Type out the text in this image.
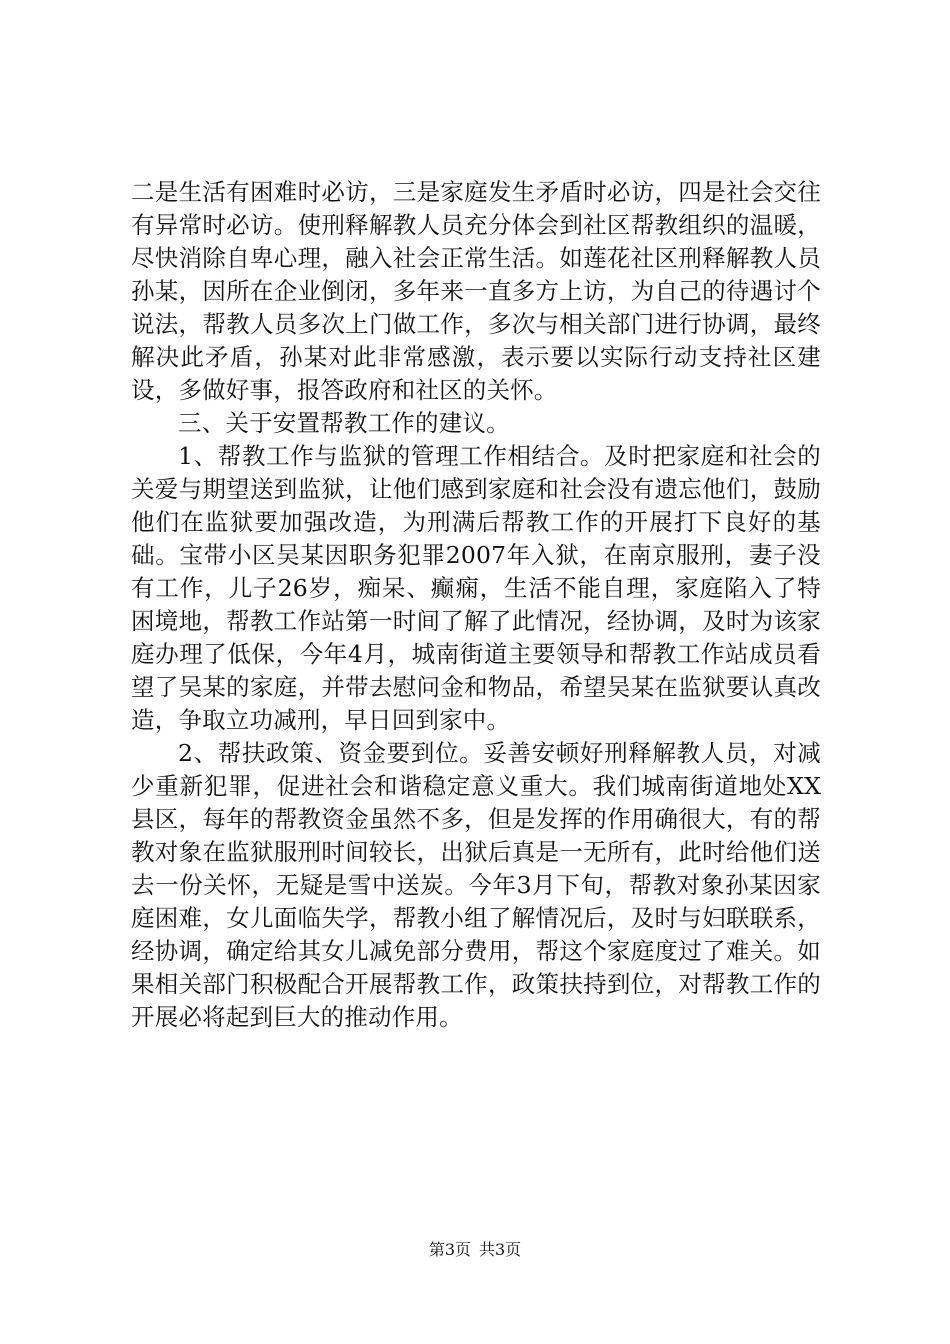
二是生活有困难时必访，三是家庭发生矛盾时必访，四是社会交往有异常时必访。使刑释解教人员充分体会到社区帮教组织的温暖，尽快消除自卑心理，融入社会正常生活。如莲花社区刑释解教人员孙某，因所在企业倒闭，多年来一直多方上访，为自己的待遇讨个说法，帮教人员多次上门做工作，多次与相关部门进行协调，最终解决此矛盾，孙某对此非常感激，表示要以实际行动支持社区建设，多做好事，报答政府和社区的关怀。

三、关于安置帮教工作的建议。

1、帮教工作与监狱的管理工作相结合。及时把家庭和社会的关爱与期望送到监狱，让他们感到家庭和社会没有遗忘他们，鼓励他们在监狱要加强改造，为刑满后帮教工作的开展打下良好的基础。宝带小区吴某因职务犯罪2007年入狱，在南京服刑，妻子没有工作，儿子26岁，痴呆、癫痫，生活不能自理，家庭陷入了特困境地，帮教工作站第一时间了解了此情况，经协调，及时为该家庭办理了低保，今年4月，城南街道主要领导和帮教工作站成员看望了吴某的家庭，并带去慰问金和物品，希望吴某在监狱要认真改造，争取立功减刑，早日回到家中。

2、帮扶政策、资金要到位。妥善安顿好刑释解教人员，对减少重新犯罪，促进社会和谐稳定意义重大。我们城南街道地处XX县区，每年的帮教资金虽然不多，但是发挥的作用确很大，有的帮教对象在监狱服刑时间较长，出狱后真是一无所有，此时给他们送去一份关怀，无疑是雪中送炭。今年3月下旬，帮教对象孙某因家庭困难，女儿面临失学，帮教小组了解情况后，及时与妇联联系，经协调，确定给其女儿减免部分费用，帮这个家庭度过了难关。如果相关部门积极配合开展帮教工作，政策扶持到位，对帮教工作的开展必将起到巨大的推动作用。

第3页 共3页
